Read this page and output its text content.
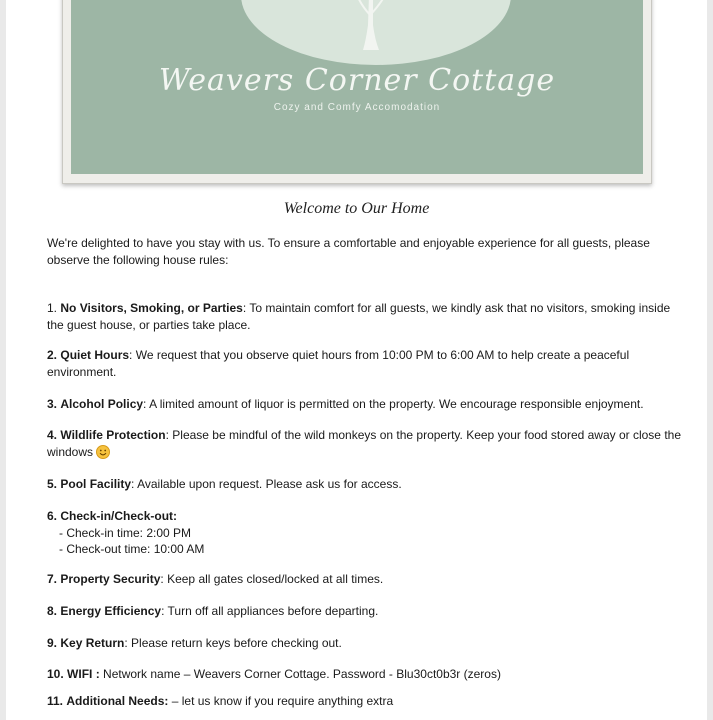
Weavers Corner Cottage
Cozy and Comfy Accomodation
Welcome to Our Home
We're delighted to have you stay with us. To ensure a comfortable and enjoyable experience for all guests, please observe the following house rules:
1. No Visitors, Smoking, or Parties: To maintain comfort for all guests, we kindly ask that no visitors, smoking inside the guest house, or parties take place.
2. Quiet Hours: We request that you observe quiet hours from 10:00 PM to 6:00 AM to help create a peaceful environment.
3. Alcohol Policy: A limited amount of liquor is permitted on the property. We encourage responsible enjoyment.
4. Wildlife Protection: Please be mindful of the wild monkeys on the property. Keep your food stored away or close the windows
5. Pool Facility: Available upon request. Please ask us for access.
6. Check-in/Check-out:
- Check-in time: 2:00 PM
- Check-out time: 10:00 AM
7. Property Security: Keep all gates closed/locked at all times.
8. Energy Efficiency: Turn off all appliances before departing.
9. Key Return: Please return keys before checking out.
10. WIFI : Network name – Weavers Corner Cottage. Password - Blu30ct0b3r (zeros)
11. Additional Needs: – let us know if you require anything extra
